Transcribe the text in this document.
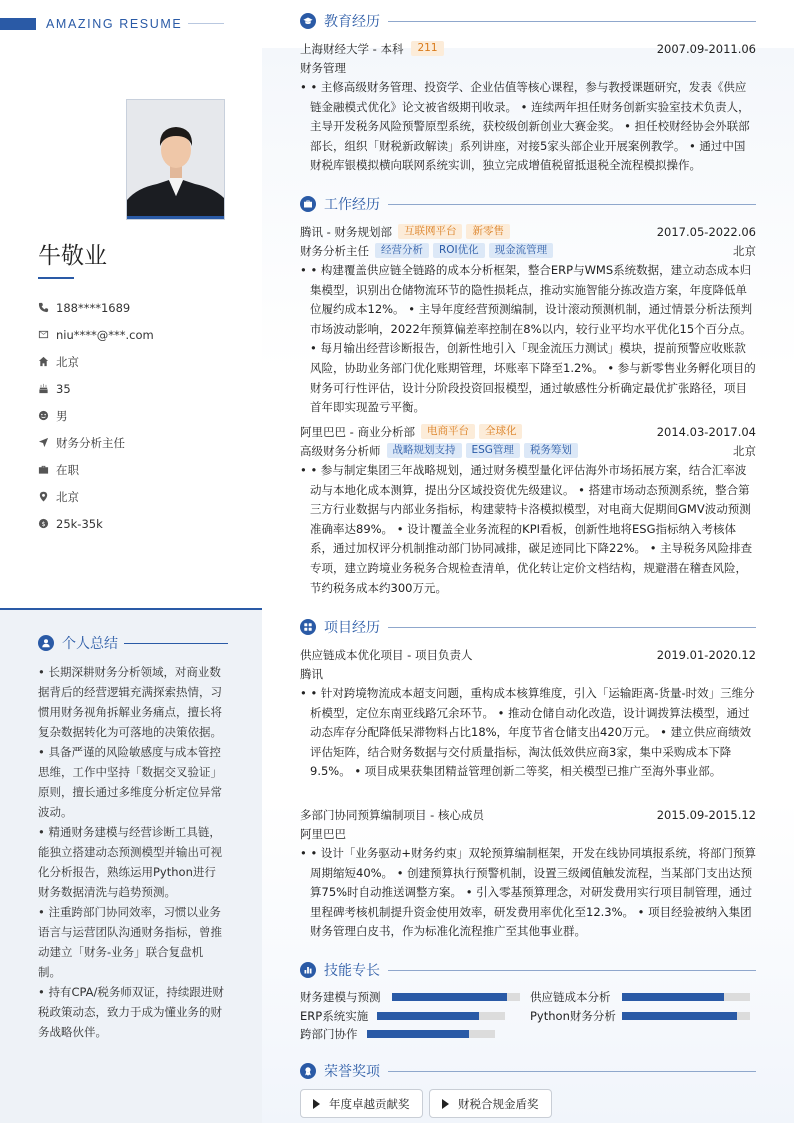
AMAZING RESUME
牛敬业
188****1689
niu****@***.com
北京
35
男
财务分析主任
在职
北京
$ 25k-35k
个人总结

• 长期深耕财务分析领域，对商业数据背后的经营逻辑充满探索热情，习惯用财务视角拆解业务痛点，擅长将复杂数据转化为可落地的决策依据。

• 具备严谨的风险敏感度与成本管控思维，工作中坚持「数据交叉验证」原则，擅长通过多维度分析定位异常波动。

• 精通财务建模与经营诊断工具链，能独立搭建动态预测模型并输出可视化分析报告，熟练运用Python进行财务数据清洗与趋势预测。

• 注重跨部门协同效率，习惯以业务语言与运营团队沟通财务指标，曾推动建立「财务-业务」联合复盘机制。

• 持有CPA/税务师双证，持续跟进财税政策动态，致力于成为懂业务的财务战略伙伴。

教育经历
上海财经大学 - 本科	211	2007.09-2011.06
财务管理
• • 主修高级财务管理、投资学、企业估值等核心课程，参与教授课题研究，发表《供应链金融模式优化》论文被省级期刊收录。 • 连续两年担任财务创新实验室技术负责人，主导开发税务风险预警原型系统，获校级创新创业大赛金奖。 • 担任校财经协会外联部部长，组织「财税新政解读」系列讲座，对接5家头部企业开展案例教学。 • 通过中国财税库银模拟横向联网系统实训，独立完成增值税留抵退税全流程模拟操作。
工作经历
腾讯 - 财务规划部	互联网平台	新零售	2017.05-2022.06
财务分析主任	经营分析	ROI优化	现金流管理	北京
• • 构建覆盖供应链全链路的成本分析框架，整合ERP与WMS系统数据，建立动态成本归集模型，识别出仓储物流环节的隐性损耗点，推动实施智能分拣改造方案，年度降低单位履约成本12%。 • 主导年度经营预测编制，设计滚动预测机制，通过情景分析法预判市场波动影响，2022年预算偏差率控制在8%以内，较行业平均水平优化15个百分点。 • 每月输出经营诊断报告，创新性地引入「现金流压力测试」模块，提前预警应收账款风险，协助业务部门优化账期管理，坏账率下降至1.2%。 • 参与新零售业务孵化项目的财务可行性评估，设计分阶段投资回报模型，通过敏感性分析确定最优扩张路径，项目首年即实现盈亏平衡。
阿里巴巴 - 商业分析部	电商平台	全球化	2014.03-2017.04
高级财务分析师	战略规划支持	ESG管理	税务筹划	北京
• • 参与制定集团三年战略规划，通过财务模型量化评估海外市场拓展方案，结合汇率波动与本地化成本测算，提出分区域投资优先级建议。 • 搭建市场动态预测系统，整合第三方行业数据与内部业务指标，构建蒙特卡洛模拟模型，对电商大促期间GMV波动预测准确率达89%。 • 设计覆盖全业务流程的KPI看板，创新性地将ESG指标纳入考核体系，通过加权评分机制推动部门协同减排，碳足迹同比下降22%。 • 主导税务风险排查专项，建立跨境业务税务合规检查清单，优化转让定价文档结构，规避潜在稽查风险，节约税务成本约300万元。
项目经历
供应链成本优化项目 - 项目负责人	2019.01-2020.12
腾讯
• • 针对跨境物流成本超支问题，重构成本核算维度，引入「运输距离-货量-时效」三维分析模型，定位东南亚线路冗余环节。 • 推动仓储自动化改造，设计调拨算法模型，通过动态库存分配降低呆滞物料占比18%，年度节省仓储支出420万元。 • 建立供应商绩效评估矩阵，结合财务数据与交付质量指标，淘汰低效供应商3家，集中采购成本下降9.5%。 • 项目成果获集团精益管理创新二等奖，相关模型已推广至海外事业部。
多部门协同预算编制项目 - 核心成员	2015.09-2015.12
阿里巴巴
• • 设计「业务驱动+财务约束」双轮预算编制框架，开发在线协同填报系统，将部门预算周期缩短40%。 • 创建预算执行预警机制，设置三级阈值触发流程，当某部门支出达预算75%时自动推送调整方案。 • 引入零基预算理念，对研发费用实行项目制管理，通过里程碑考核机制提升资金使用效率，研发费用率优化至12.3%。 • 项目经验被纳入集团财务管理白皮书，作为标准化流程推广至其他事业群。
技能专长
财务建模与预测	供应链成本分析
ERP系统实施	Python财务分析
跨部门协作
荣誉奖项
年度卓越贡献奖	财税合规金盾奖
